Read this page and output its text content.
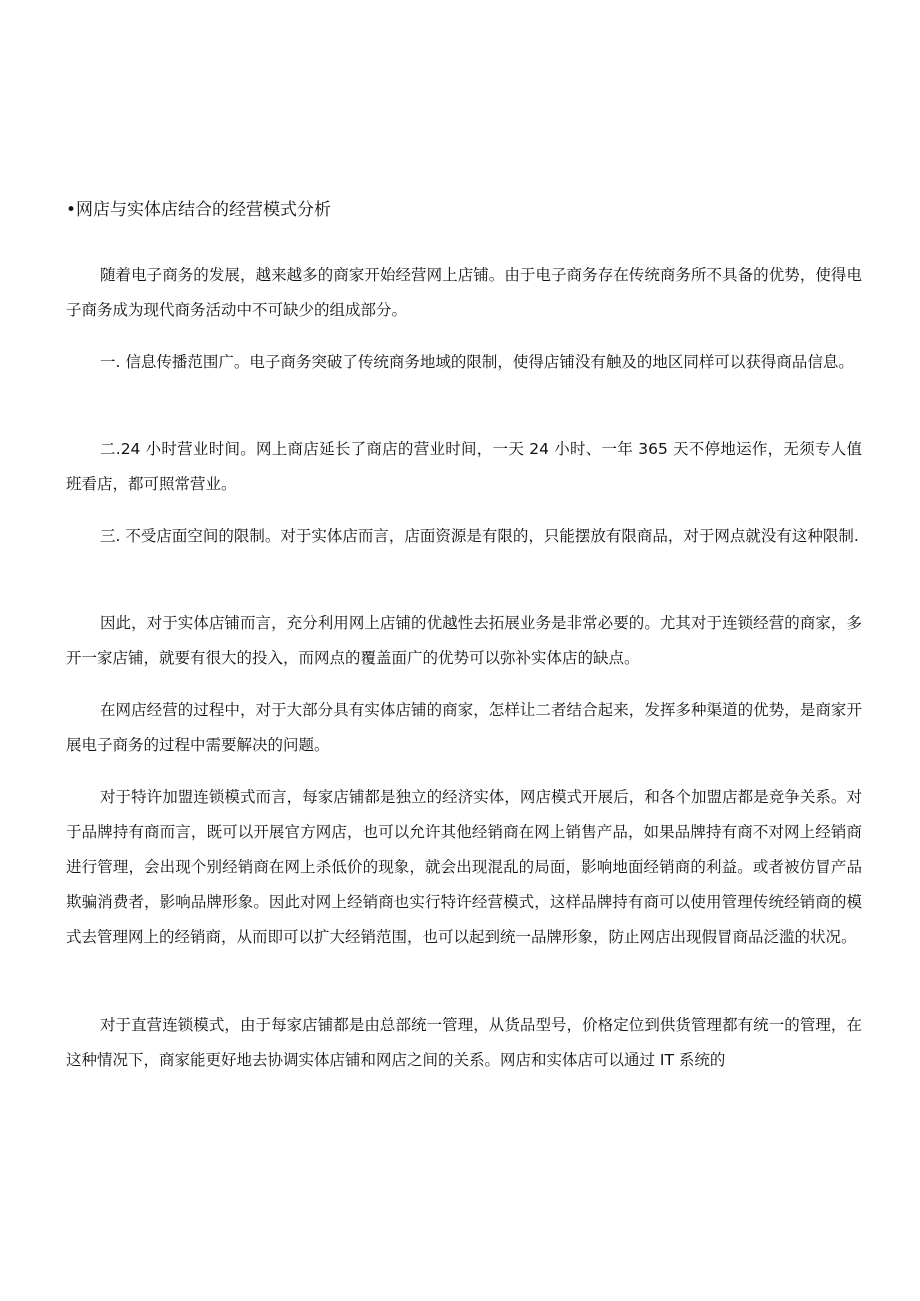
•网店与实体店结合的经营模式分析

随着电子商务的发展，越来越多的商家开始经营网上店铺。由于电子商务存在传统商务所不具备的优势，使得电子商务成为现代商务活动中不可缺少的组成部分。

一. 信息传播范围广。电子商务突破了传统商务地域的限制，使得店铺没有触及的地区同样可以获得商品信息。

二.24 小时营业时间。网上商店延长了商店的营业时间，一天 24 小时、一年 365 天不停地运作，无须专人值班看店，都可照常营业。

三. 不受店面空间的限制。对于实体店而言，店面资源是有限的，只能摆放有限商品，对于网点就没有这种限制.

因此，对于实体店铺而言，充分利用网上店铺的优越性去拓展业务是非常必要的。尤其对于连锁经营的商家，多开一家店铺，就要有很大的投入，而网点的覆盖面广的优势可以弥补实体店的缺点。

在网店经营的过程中，对于大部分具有实体店铺的商家，怎样让二者结合起来，发挥多种渠道的优势，是商家开展电子商务的过程中需要解决的问题。

对于特许加盟连锁模式而言，每家店铺都是独立的经济实体，网店模式开展后，和各个加盟店都是竞争关系。对于品牌持有商而言，既可以开展官方网店，也可以允许其他经销商在网上销售产品，如果品牌持有商不对网上经销商进行管理，会出现个别经销商在网上杀低价的现象，就会出现混乱的局面，影响地面经销商的利益。或者被仿冒产品欺骗消费者，影响品牌形象。因此对网上经销商也实行特许经营模式，这样品牌持有商可以使用管理传统经销商的模式去管理网上的经销商，从而即可以扩大经销范围，也可以起到统一品牌形象，防止网店出现假冒商品泛滥的状况。

对于直营连锁模式，由于每家店铺都是由总部统一管理，从货品型号，价格定位到供货管理都有统一的管理，在这种情况下，商家能更好地去协调实体店铺和网店之间的关系。网店和实体店可以通过 IT 系统的
